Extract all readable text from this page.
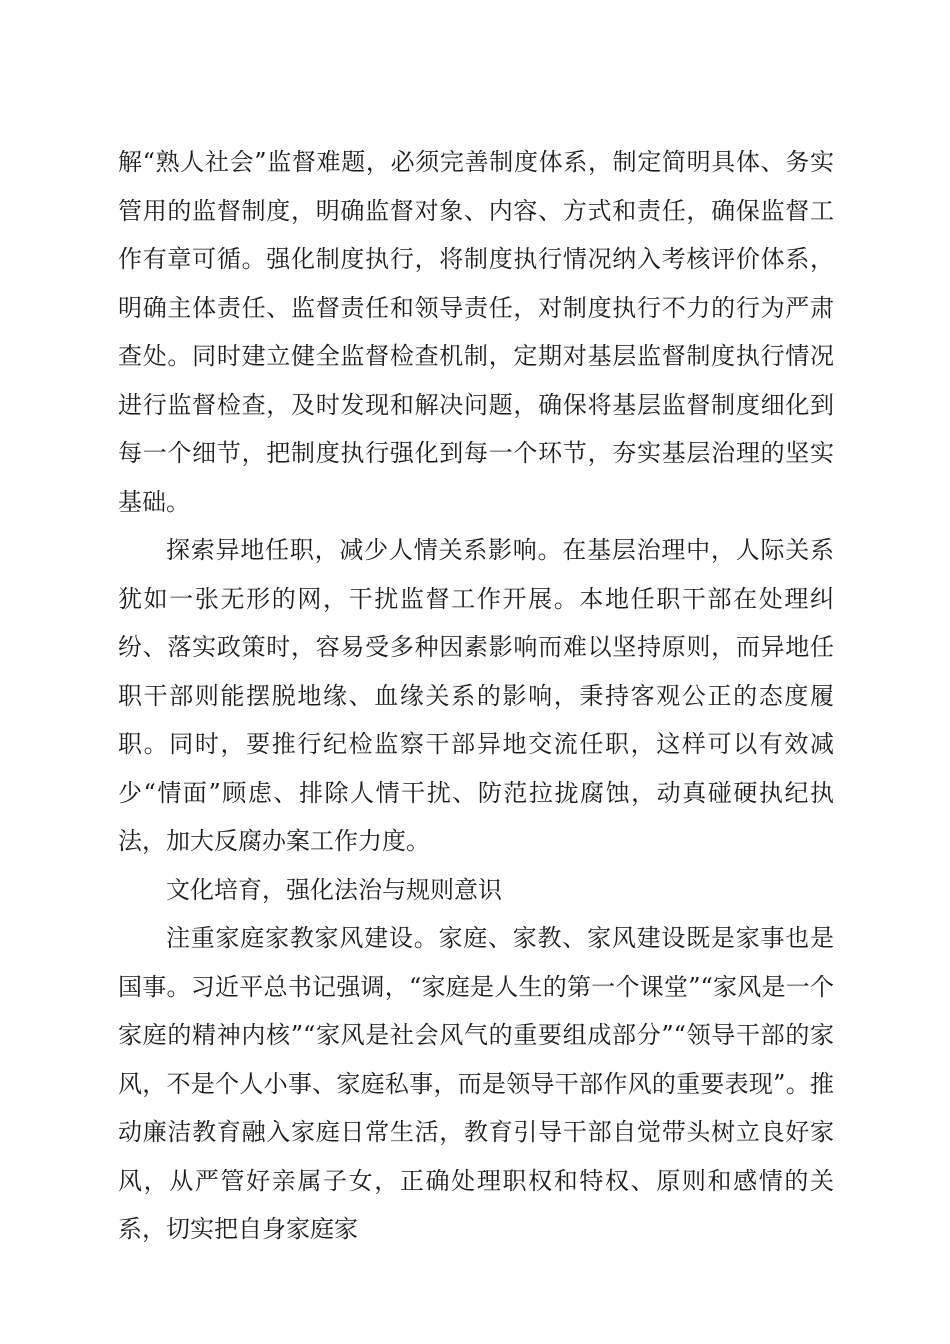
解“熟人社会”监督难题，必须完善制度体系，制定简明具体、务实管用的监督制度，明确监督对象、内容、方式和责任，确保监督工作有章可循。强化制度执行，将制度执行情况纳入考核评价体系，明确主体责任、监督责任和领导责任，对制度执行不力的行为严肃查处。同时建立健全监督检查机制，定期对基层监督制度执行情况进行监督检查，及时发现和解决问题，确保将基层监督制度细化到每一个细节，把制度执行强化到每一个环节，夯实基层治理的坚实基础。

探索异地任职，减少人情关系影响。在基层治理中，人际关系犹如一张无形的网，干扰监督工作开展。本地任职干部在处理纠纷、落实政策时，容易受多种因素影响而难以坚持原则，而异地任职干部则能摆脱地缘、血缘关系的影响，秉持客观公正的态度履职。同时，要推行纪检监察干部异地交流任职，这样可以有效减少“情面”顾虑、排除人情干扰、防范拉拢腐蚀，动真碰硬执纪执法，加大反腐办案工作力度。

文化培育，强化法治与规则意识

注重家庭家教家风建设。家庭、家教、家风建设既是家事也是国事。习近平总书记强调，“家庭是人生的第一个课堂”“家风是一个家庭的精神内核”“家风是社会风气的重要组成部分”“领导干部的家风，不是个人小事、家庭私事，而是领导干部作风的重要表现”。推动廉洁教育融入家庭日常生活，教育引导干部自觉带头树立良好家风，从严管好亲属子女，正确处理职权和特权、原则和感情的关系，切实把自身家庭家
